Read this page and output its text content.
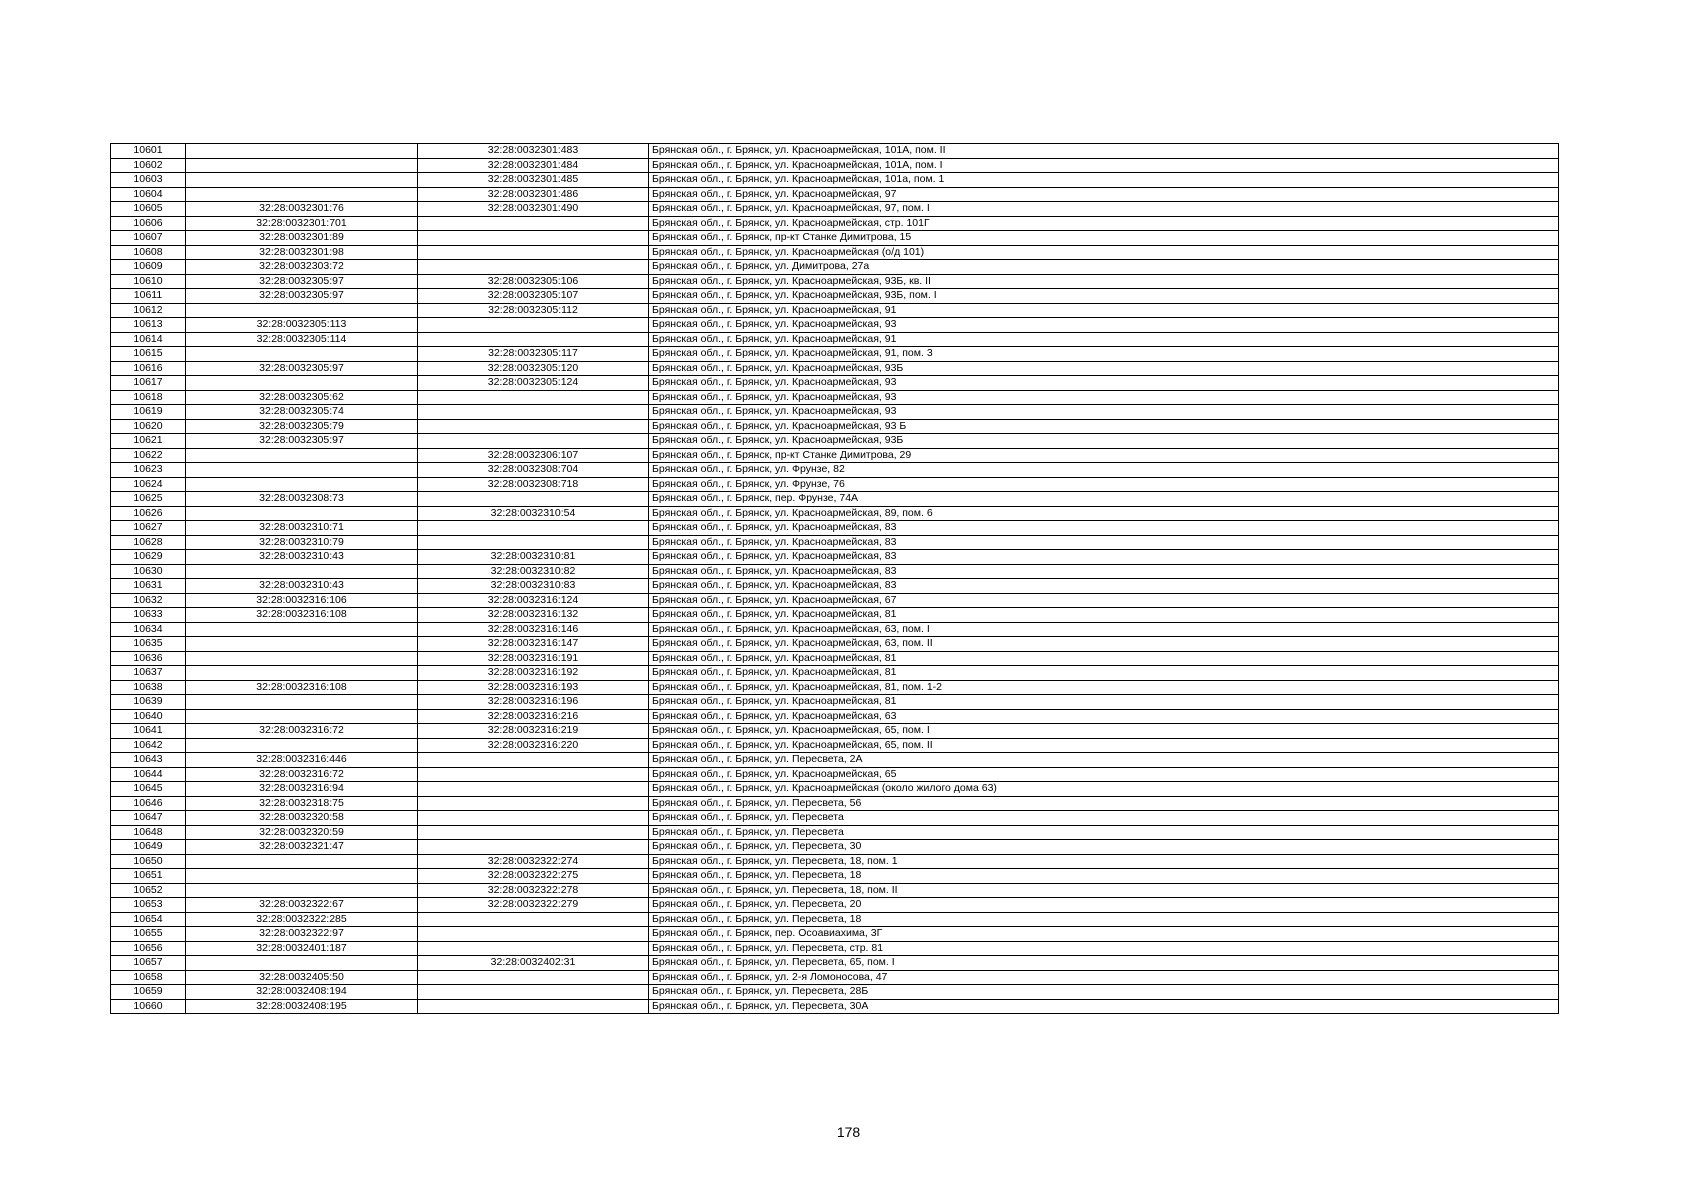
10601		32:28:0032301:483	Брянская обл., г. Брянск, ул. Красноармейская, 101А, пом. II
10602		32:28:0032301:484	Брянская обл., г. Брянск, ул. Красноармейская, 101А, пом. I
10603		32:28:0032301:485	Брянская обл., г. Брянск, ул. Красноармейская, 101а, пом. 1
10604		32:28:0032301:486	Брянская обл., г. Брянск, ул. Красноармейская, 97
10605	32:28:0032301:76	32:28:0032301:490	Брянская обл., г. Брянск, ул. Красноармейская, 97, пом. I
10606	32:28:0032301:701		Брянская обл., г. Брянск, ул. Красноармейская, стр. 101Г
10607	32:28:0032301:89		Брянская обл., г. Брянск, пр-кт Станке Димитрова, 15
10608	32:28:0032301:98		Брянская обл., г. Брянск, ул. Красноармейская (о/д 101)
10609	32:28:0032303:72		Брянская обл., г. Брянск, ул. Димитрова, 27а
10610	32:28:0032305:97	32:28:0032305:106	Брянская обл., г. Брянск, ул. Красноармейская, 93Б, кв. II
10611	32:28:0032305:97	32:28:0032305:107	Брянская обл., г. Брянск, ул. Красноармейская, 93Б, пом. I
10612		32:28:0032305:112	Брянская обл., г. Брянск, ул. Красноармейская, 91
10613	32:28:0032305:113		Брянская обл., г. Брянск, ул. Красноармейская, 93
10614	32:28:0032305:114		Брянская обл., г. Брянск, ул. Красноармейская, 91
10615		32:28:0032305:117	Брянская обл., г. Брянск, ул. Красноармейская, 91, пом. 3
10616	32:28:0032305:97	32:28:0032305:120	Брянская обл., г. Брянск, ул. Красноармейская, 93Б
10617		32:28:0032305:124	Брянская обл., г. Брянск, ул. Красноармейская, 93
10618	32:28:0032305:62		Брянская обл., г. Брянск, ул. Красноармейская, 93
10619	32:28:0032305:74		Брянская обл., г. Брянск, ул. Красноармейская, 93
10620	32:28:0032305:79		Брянская обл., г. Брянск, ул. Красноармейская, 93 Б
10621	32:28:0032305:97		Брянская обл., г. Брянск, ул. Красноармейская, 93Б
10622		32:28:0032306:107	Брянская обл., г. Брянск, пр-кт Станке Димитрова, 29
10623		32:28:0032308:704	Брянская обл., г. Брянск, ул. Фрунзе, 82
10624		32:28:0032308:718	Брянская обл., г. Брянск, ул. Фрунзе, 76
10625	32:28:0032308:73		Брянская обл., г. Брянск, пер. Фрунзе, 74А
10626		32:28:0032310:54	Брянская обл., г. Брянск, ул. Красноармейская, 89, пом. 6
10627	32:28:0032310:71		Брянская обл., г. Брянск, ул. Красноармейская, 83
10628	32:28:0032310:79		Брянская обл., г. Брянск, ул. Красноармейская, 83
10629	32:28:0032310:43	32:28:0032310:81	Брянская обл., г. Брянск, ул. Красноармейская, 83
10630		32:28:0032310:82	Брянская обл., г. Брянск, ул. Красноармейская, 83
10631	32:28:0032310:43	32:28:0032310:83	Брянская обл., г. Брянск, ул. Красноармейская, 83
10632	32:28:0032316:106	32:28:0032316:124	Брянская обл., г. Брянск, ул. Красноармейская, 67
10633	32:28:0032316:108	32:28:0032316:132	Брянская обл., г. Брянск, ул. Красноармейская, 81
10634		32:28:0032316:146	Брянская обл., г. Брянск, ул. Красноармейская, 63, пом. I
10635		32:28:0032316:147	Брянская обл., г. Брянск, ул. Красноармейская, 63, пом. II
10636		32:28:0032316:191	Брянская обл., г. Брянск, ул. Красноармейская, 81
10637		32:28:0032316:192	Брянская обл., г. Брянск, ул. Красноармейская, 81
10638	32:28:0032316:108	32:28:0032316:193	Брянская обл., г. Брянск, ул. Красноармейская, 81, пом. 1-2
10639		32:28:0032316:196	Брянская обл., г. Брянск, ул. Красноармейская, 81
10640		32:28:0032316:216	Брянская обл., г. Брянск, ул. Красноармейская, 63
10641	32:28:0032316:72	32:28:0032316:219	Брянская обл., г. Брянск, ул. Красноармейская, 65, пом. I
10642		32:28:0032316:220	Брянская обл., г. Брянск, ул. Красноармейская, 65, пом. II
10643	32:28:0032316:446		Брянская обл., г. Брянск, ул. Пересвета, 2А
10644	32:28:0032316:72		Брянская обл., г. Брянск, ул. Красноармейская, 65
10645	32:28:0032316:94		Брянская обл., г. Брянск, ул. Красноармейская (около жилого дома 63)
10646	32:28:0032318:75		Брянская обл., г. Брянск, ул. Пересвета, 56
10647	32:28:0032320:58		Брянская обл., г. Брянск, ул. Пересвета
10648	32:28:0032320:59		Брянская обл., г. Брянск, ул. Пересвета
10649	32:28:0032321:47		Брянская обл., г. Брянск, ул. Пересвета, 30
10650		32:28:0032322:274	Брянская обл., г. Брянск, ул. Пересвета, 18, пом. 1
10651		32:28:0032322:275	Брянская обл., г. Брянск, ул. Пересвета, 18
10652		32:28:0032322:278	Брянская обл., г. Брянск, ул. Пересвета, 18, пом. II
10653	32:28:0032322:67	32:28:0032322:279	Брянская обл., г. Брянск, ул. Пересвета, 20
10654	32:28:0032322:285		Брянская обл., г. Брянск, ул. Пересвета, 18
10655	32:28:0032322:97		Брянская обл., г. Брянск, пер. Осоавиахима, 3Г
10656	32:28:0032401:187		Брянская обл., г. Брянск, ул. Пересвета, стр. 81
10657		32:28:0032402:31	Брянская обл., г. Брянск, ул. Пересвета, 65, пом. I
10658	32:28:0032405:50		Брянская обл., г. Брянск, ул. 2-я Ломоносова, 47
10659	32:28:0032408:194		Брянская обл., г. Брянск, ул. Пересвета, 28Б
10660	32:28:0032408:195		Брянская обл., г. Брянск, ул. Пересвета, 30А
178
